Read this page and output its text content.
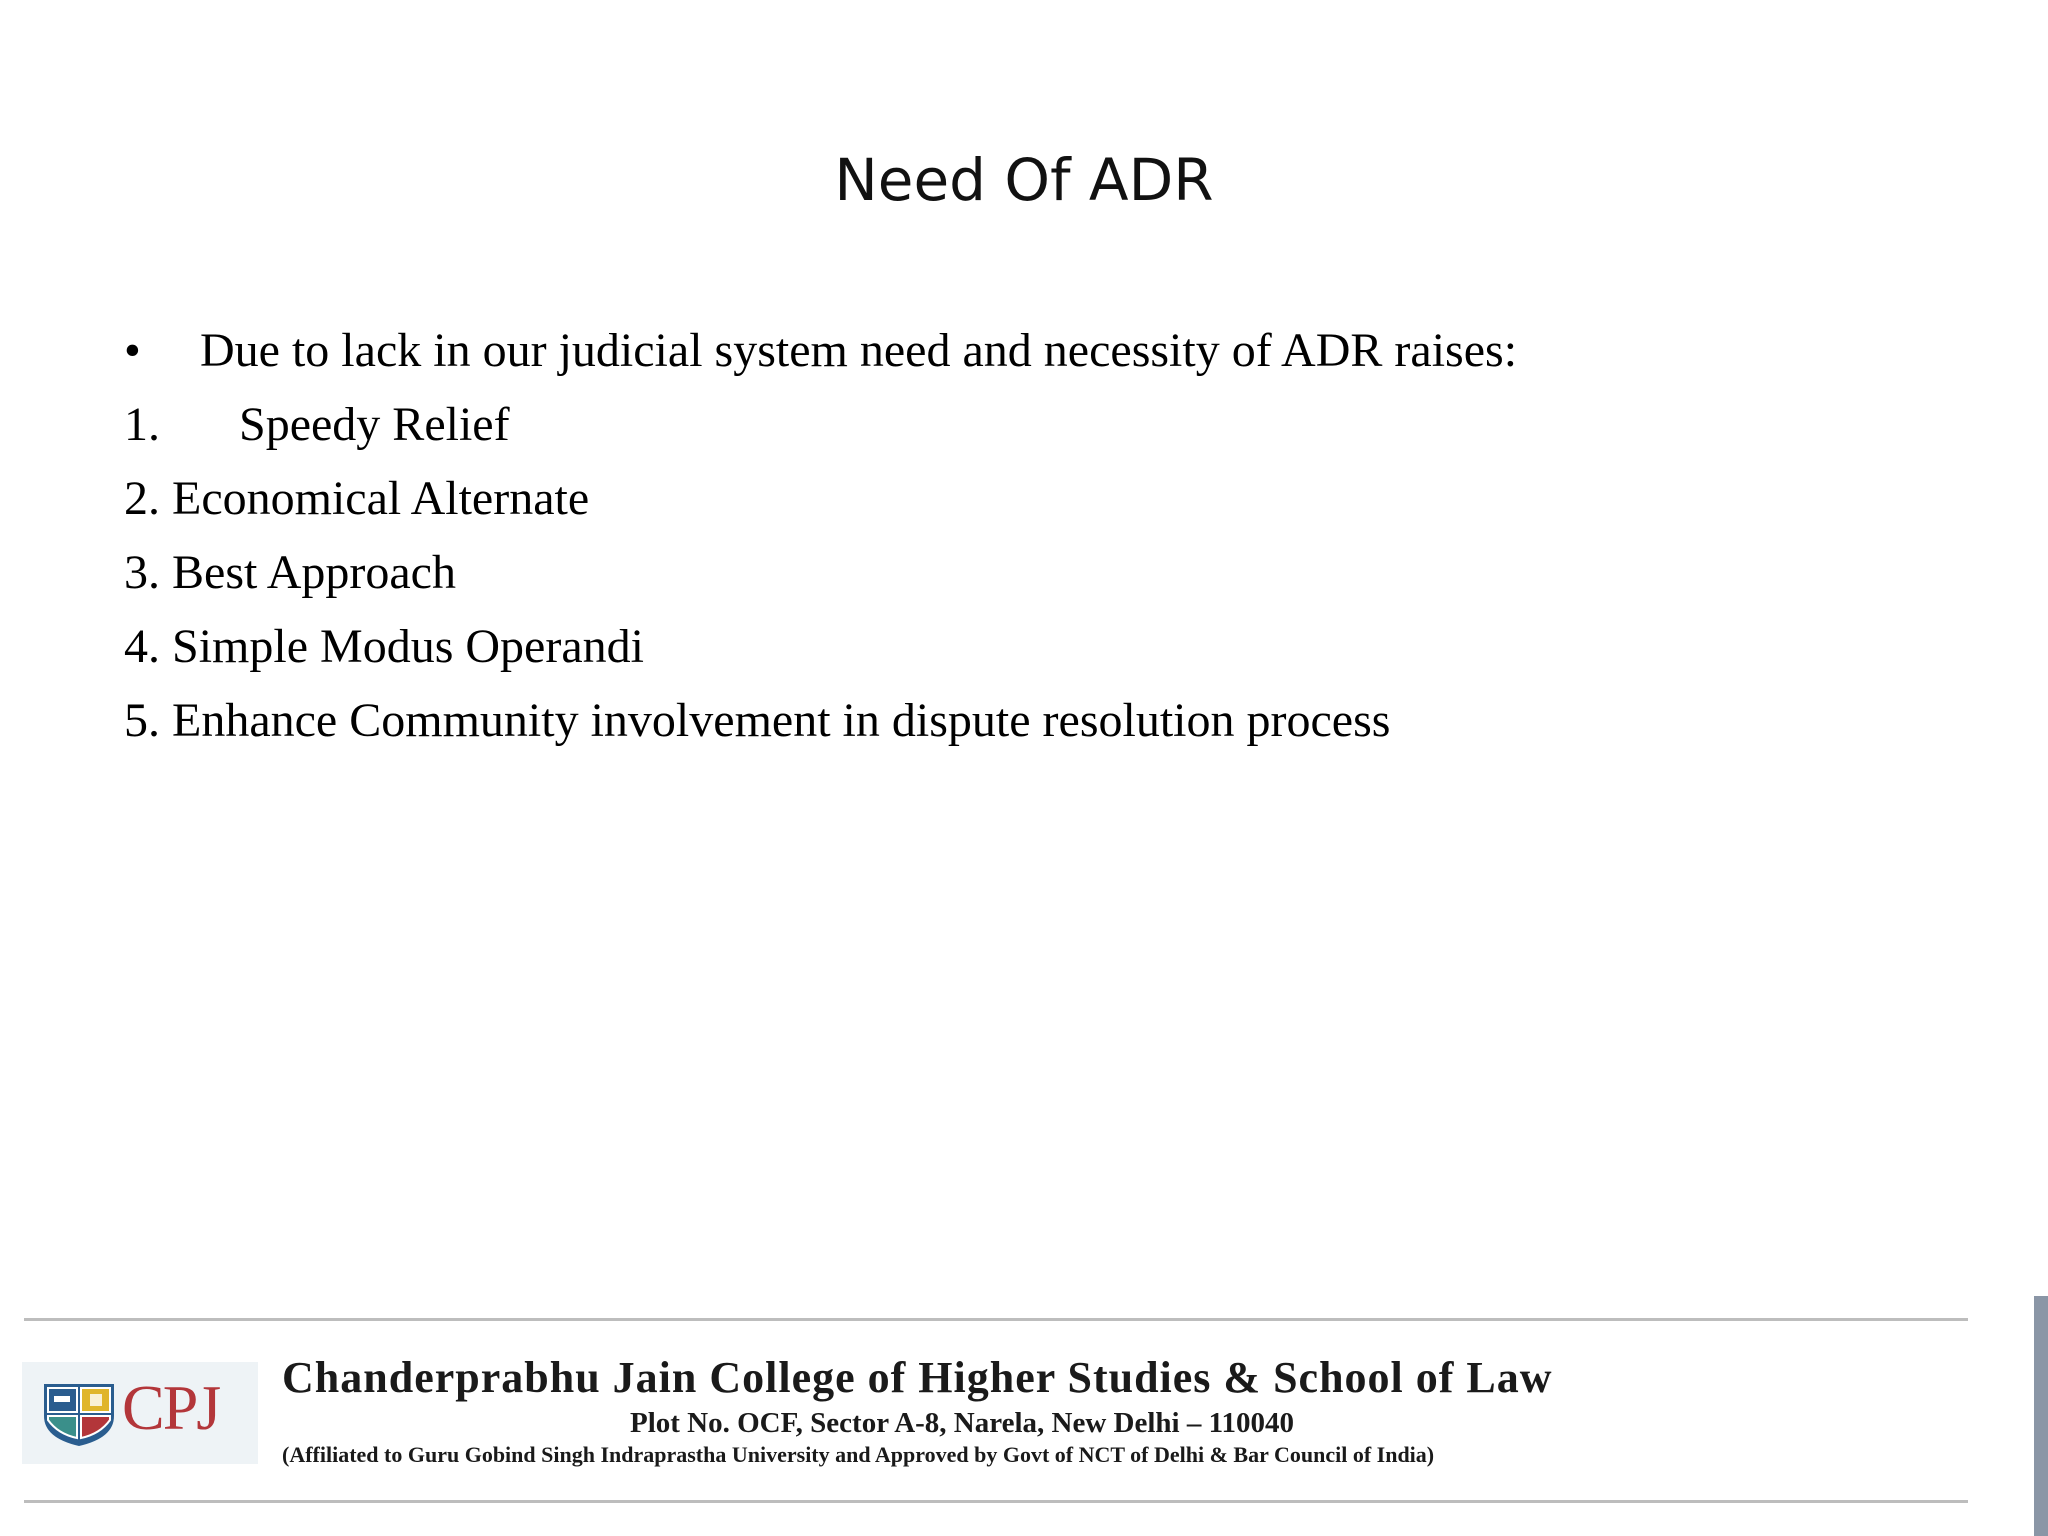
Need Of ADR
• Due to lack in our judicial system need and necessity of ADR raises:
1. Speedy Relief
2. Economical Alternate
3. Best Approach
4. Simple Modus Operandi
5. Enhance Community involvement in dispute resolution process
CPJ Chanderprabhu Jain College of Higher Studies & School of Law
Plot No. OCF, Sector A-8, Narela, New Delhi – 110040
(Affiliated to Guru Gobind Singh Indraprastha University and Approved by Govt of NCT of Delhi & Bar Council of India)
